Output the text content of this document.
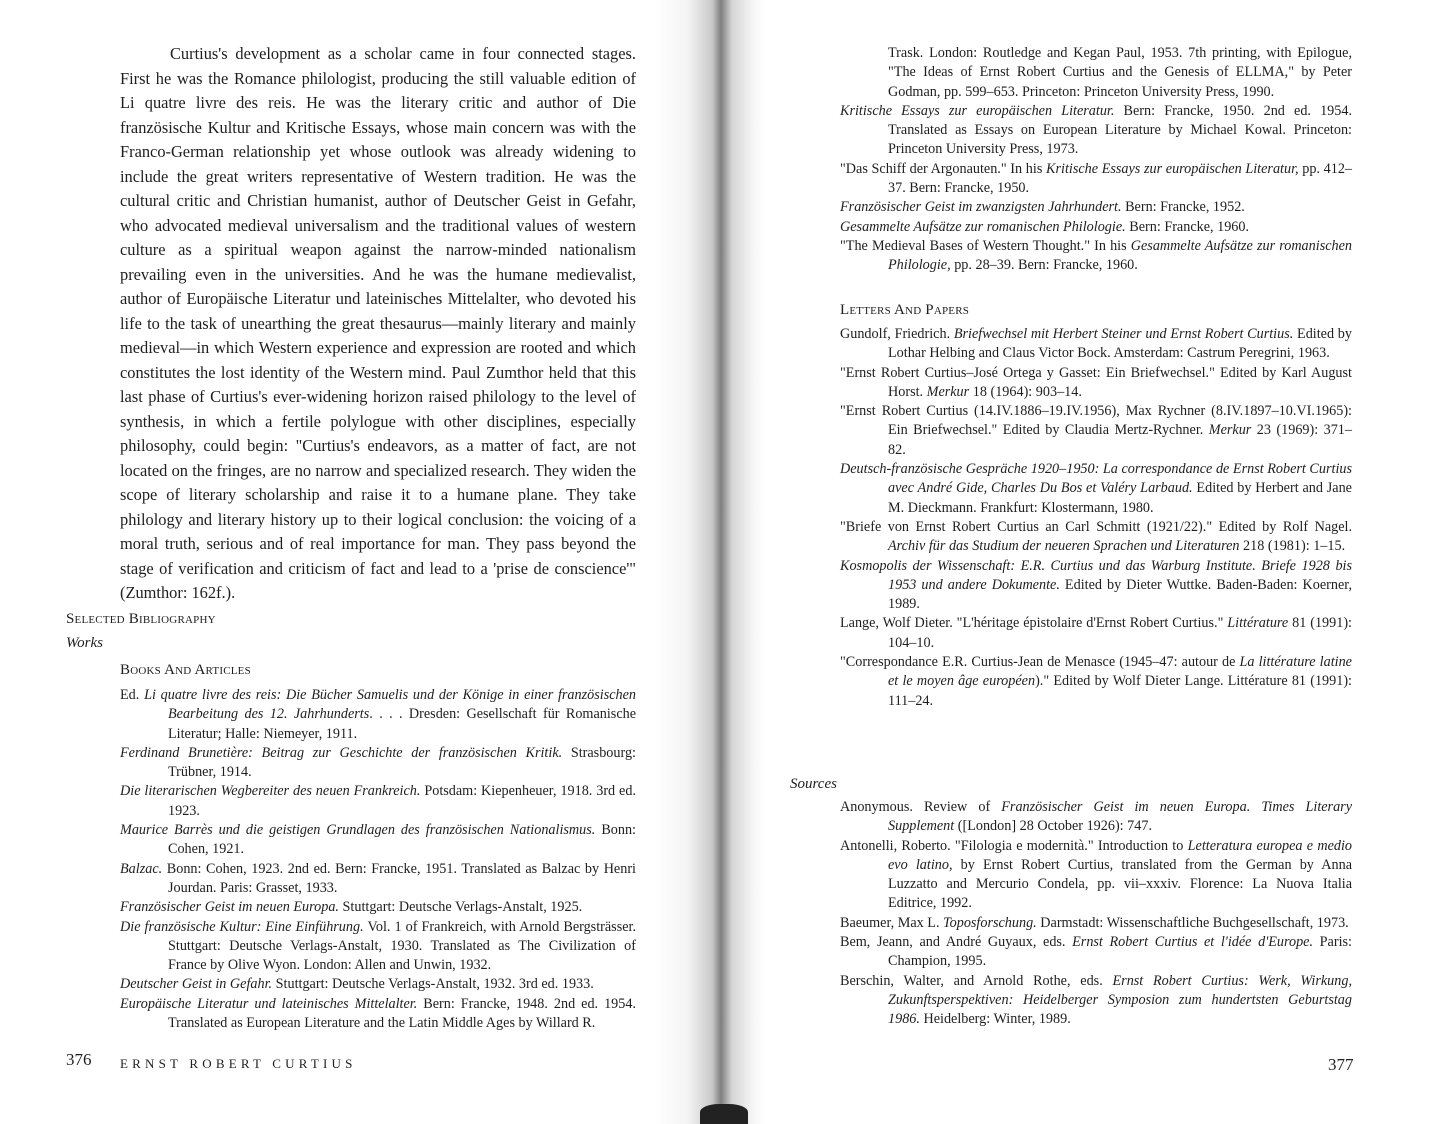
Curtius's development as a scholar came in four connected stages. First he was the Romance philologist, producing the still valuable edition of Li quatre livre des reis. He was the literary critic and author of Die französische Kultur and Kritische Essays, whose main concern was with the Franco-German relationship yet whose outlook was already widening to include the great writers representative of Western tradition. He was the cultural critic and Christian humanist, author of Deutscher Geist in Gefahr, who advocated medieval universalism and the traditional values of western culture as a spiritual weapon against the narrow-minded nationalism prevailing even in the universities. And he was the humane medievalist, author of Europäische Literatur und lateinisches Mittelalter, who devoted his life to the task of unearthing the great thesaurus—mainly literary and mainly medieval—in which Western experience and expression are rooted and which constitutes the lost identity of the Western mind. Paul Zumthor held that this last phase of Curtius's ever-widening horizon raised philology to the level of synthesis, in which a fertile polylogue with other disciplines, especially philosophy, could begin: "Curtius's endeavors, as a matter of fact, are not located on the fringes, are no narrow and specialized research. They widen the scope of literary scholarship and raise it to a humane plane. They take philology and literary history up to their logical conclusion: the voicing of a moral truth, serious and of real importance for man. They pass beyond the stage of verification and criticism of fact and lead to a 'prise de conscience'" (Zumthor: 162f.).

Selected Bibliography
Works
Books And Articles
Ed. Li quatre livre des reis: Die Bücher Samuelis und der Könige in einer französischen Bearbeitung des 12. Jahrhunderts. . . . Dresden: Gesellschaft für Romanische Literatur; Halle: Niemeyer, 1911.
Ferdinand Brunetière: Beitrag zur Geschichte der französischen Kritik. Strasbourg: Trübner, 1914.
Die literarischen Wegbereiter des neuen Frankreich. Potsdam: Kiepenheuer, 1918. 3rd ed. 1923.
Maurice Barrès und die geistigen Grundlagen des französischen Nationalismus. Bonn: Cohen, 1921.
Balzac. Bonn: Cohen, 1923. 2nd ed. Bern: Francke, 1951. Translated as Balzac by Henri Jourdan. Paris: Grasset, 1933.
Französischer Geist im neuen Europa. Stuttgart: Deutsche Verlags-Anstalt, 1925.
Die französische Kultur: Eine Einführung. Vol. 1 of Frankreich, with Arnold Bergsträsser. Stuttgart: Deutsche Verlags-Anstalt, 1930. Translated as The Civilization of France by Olive Wyon. London: Allen and Unwin, 1932.
Deutscher Geist in Gefahr. Stuttgart: Deutsche Verlags-Anstalt, 1932. 3rd ed. 1933.
Europäische Literatur und lateinisches Mittelalter. Bern: Francke, 1948. 2nd ed. 1954. Translated as European Literature and the Latin Middle Ages by Willard R.
376 ERNST ROBERT CURTIUS
Trask. London: Routledge and Kegan Paul, 1953. 7th printing, with Epilogue, "The Ideas of Ernst Robert Curtius and the Genesis of ELLMA," by Peter Godman, pp. 599–653. Princeton: Princeton University Press, 1990.
Kritische Essays zur europäischen Literatur. Bern: Francke, 1950. 2nd ed. 1954. Translated as Essays on European Literature by Michael Kowal. Princeton: Princeton University Press, 1973.
"Das Schiff der Argonauten." In his Kritische Essays zur europäischen Literatur, pp. 412–37. Bern: Francke, 1950.
Französischer Geist im zwanzigsten Jahrhundert. Bern: Francke, 1952.
Gesammelte Aufsätze zur romanischen Philologie. Bern: Francke, 1960.
"The Medieval Bases of Western Thought." In his Gesammelte Aufsätze zur romanischen Philologie, pp. 28–39. Bern: Francke, 1960.
Letters And Papers
Gundolf, Friedrich. Briefwechsel mit Herbert Steiner und Ernst Robert Curtius. Edited by Lothar Helbing and Claus Victor Bock. Amsterdam: Castrum Peregrini, 1963.
"Ernst Robert Curtius–José Ortega y Gasset: Ein Briefwechsel." Edited by Karl August Horst. Merkur 18 (1964): 903–14.
"Ernst Robert Curtius (14.IV.1886–19.IV.1956), Max Rychner (8.IV.1897–10.VI.1965): Ein Briefwechsel." Edited by Claudia Mertz-Rychner. Merkur 23 (1969): 371–82.
Deutsch-französische Gespräche 1920–1950: La correspondance de Ernst Robert Curtius avec André Gide, Charles Du Bos et Valéry Larbaud. Edited by Herbert and Jane M. Dieckmann. Frankfurt: Klostermann, 1980.
"Briefe von Ernst Robert Curtius an Carl Schmitt (1921/22)." Edited by Rolf Nagel. Archiv für das Studium der neueren Sprachen und Literaturen 218 (1981): 1–15.
Kosmopolis der Wissenschaft: E.R. Curtius und das Warburg Institute. Briefe 1928 bis 1953 und andere Dokumente. Edited by Dieter Wuttke. Baden-Baden: Koerner, 1989.
Lange, Wolf Dieter. "L'héritage épistolaire d'Ernst Robert Curtius." Littérature 81 (1991): 104–10.
"Correspondance E.R. Curtius-Jean de Menasce (1945–47: autour de La littérature latine et le moyen âge européen)." Edited by Wolf Dieter Lange. Littérature 81 (1991): 111–24.
Sources
Anonymous. Review of Französischer Geist im neuen Europa. Times Literary Supplement ([London] 28 October 1926): 747.
Antonelli, Roberto. "Filologia e modernità." Introduction to Letteratura europea e medio evo latino, by Ernst Robert Curtius, translated from the German by Anna Luzzatto and Mercurio Condela, pp. vii–xxxiv. Florence: La Nuova Italia Editrice, 1992.
Baeumer, Max L. Toposforschung. Darmstadt: Wissenschaftliche Buchgesellschaft, 1973.
Bem, Jeann, and André Guyaux, eds. Ernst Robert Curtius et l'idée d'Europe. Paris: Champion, 1995.
Berschin, Walter, and Arnold Rothe, eds. Ernst Robert Curtius: Werk, Wirkung, Zukunftsperspektiven: Heidelberger Symposion zum hundertsten Geburtstag 1986. Heidelberg: Winter, 1989.
377
